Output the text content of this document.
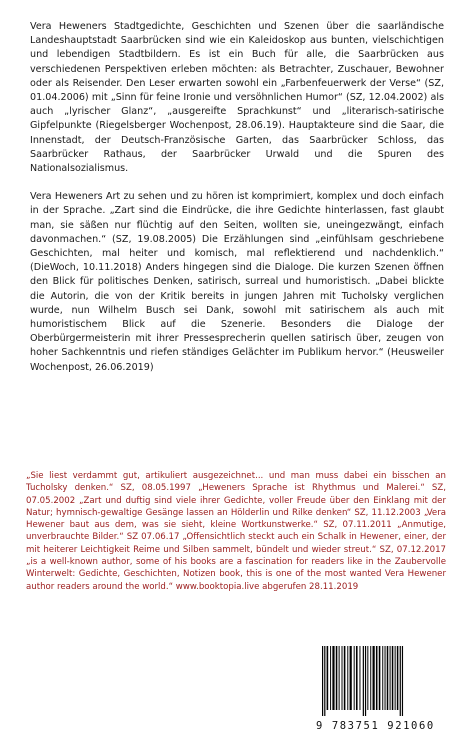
Vera Heweners Stadtgedichte, Geschichten und Szenen über die saarländische Landeshauptstadt Saarbrücken sind wie ein Kaleidoskop aus bunten, vielschichtigen und lebendigen Stadtbildern. Es ist ein Buch für alle, die Saarbrücken aus verschiedenen Perspektiven erleben möchten: als Betrachter, Zuschauer, Bewohner oder als Reisender. Den Leser erwarten sowohl ein „Farbenfeuerwerk der Verse“ (SZ, 01.04.2006) mit „Sinn für feine Ironie und versöhnlichen Humor“ (SZ, 12.04.2002) als auch „lyrischer Glanz“, „ausgereifte Sprachkunst“ und „literarisch-satirische Gipfelpunkte (Riegelsberger Wochenpost, 28.06.19). Hauptakteure sind die Saar, die Innenstadt, der Deutsch-Französische Garten, das Saarbrücker Schloss, das Saarbrücker Rathaus, der Saarbrücker Urwald und die Spuren des Nationalsozialismus.

Vera Heweners Art zu sehen und zu hören ist komprimiert, komplex und doch einfach in der Sprache. „Zart sind die Eindrücke, die ihre Gedichte hinterlassen, fast glaubt man, sie säßen nur flüchtig auf den Seiten, wollten sie, uneingezwängt, einfach davonmachen.“ (SZ, 19.08.2005) Die Erzählungen sind „einfühlsam geschriebene Geschichten, mal heiter und komisch, mal reflektierend und nachdenklich.“ (DieWoch, 10.11.2018) Anders hingegen sind die Dialoge. Die kurzen Szenen öffnen den Blick für politisches Denken, satirisch, surreal und humoristisch. „Dabei blickte die Autorin, die von der Kritik bereits in jungen Jahren mit Tucholsky verglichen wurde, nun Wilhelm Busch sei Dank, sowohl mit satirischem als auch mit humoristischem Blick auf die Szenerie. Besonders die Dialoge der Oberbürgermeisterin mit ihrer Pressesprecherin quellen satirisch über, zeugen von hoher Sachkenntnis und riefen ständiges Gelächter im Publikum hervor.“ (Heusweiler Wochenpost, 26.06.2019)

„Sie liest verdammt gut, artikuliert ausgezeichnet... und man muss dabei ein bisschen an Tucholsky denken.“ SZ, 08.05.1997 „Heweners Sprache ist Rhythmus und Malerei.“ SZ, 07.05.2002 „Zart und duftig sind viele ihrer Gedichte, voller Freude über den Einklang mit der Natur; hymnisch-gewaltige Gesänge lassen an Hölderlin und Rilke denken“ SZ, 11.12.2003 „Vera Hewener baut aus dem, was sie sieht, kleine Wortkunstwerke.“ SZ, 07.11.2011 „Anmutige, unverbrauchte Bilder.“ SZ 07.06.17 „Offensichtlich steckt auch ein Schalk in Hewener, einer, der mit heiterer Leichtigkeit Reime und Silben sammelt, bündelt und wieder streut.“ SZ, 07.12.2017 „is a well-known author, some of his books are a fascination for readers like in the Zaubervolle Winterwelt: Gedichte, Geschichten, Notizen book, this is one of the most wanted Vera Hewener author readers around the world.“ www.booktopia.live abgerufen 28.11.2019
9 783751 921060
